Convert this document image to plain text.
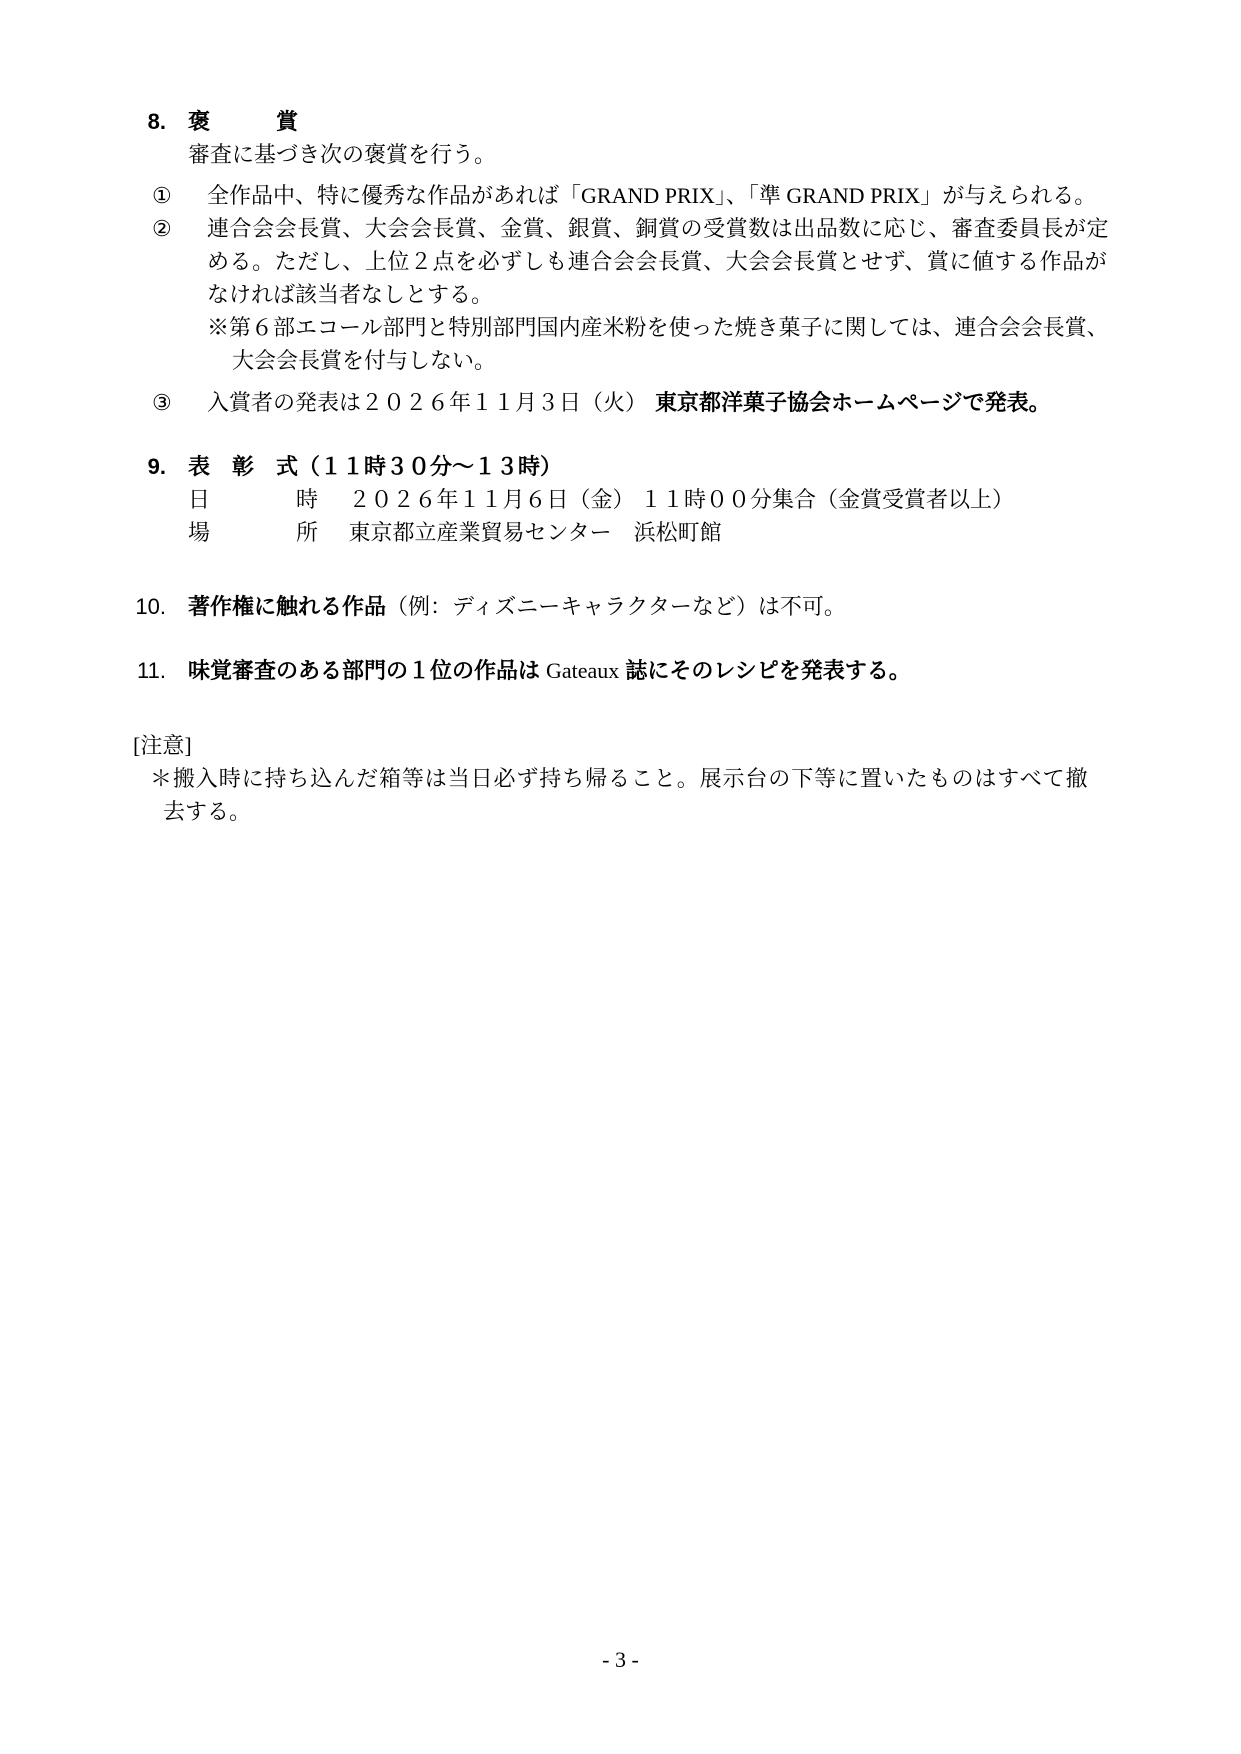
8. 褒　　　賞
審査に基づき次の褒賞を行う。
①	全作品中、特に優秀な作品があれば「GRAND PRIX」、「準 GRAND PRIX」が与えられる。
②	連合会会長賞、大会会長賞、金賞、銀賞、銅賞の受賞数は出品数に応じ、審査委員長が定
める。ただし、上位２点を必ずしも連合会会長賞、大会会長賞とせず、賞に値する作品が
なければ該当者なしとする。
※第６部エコール部門と特別部門国内産米粉を使った焼き菓子に関しては、連合会会長賞、
大会会長賞を付与しない。
③	入賞者の発表は２０２６年１１月３日（火） 東京都洋菓子協会ホームページで発表。
9. 表　彰　式（１１時３０分～１３時）
日	時 ２０２６年１１月６日（金） １１時００分集合（金賞受賞者以上）
場	所 東京都立産業貿易センター　浜松町館
10. 著作権に触れる作品（例：ディズニーキャラクターなど）は不可。
11. 味覚審査のある部門の１位の作品は Gateaux 誌にそのレシピを発表する。
[注意]
＊搬入時に持ち込んだ箱等は当日必ず持ち帰ること。展示台の下等に置いたものはすべて撤
去する。
- 3 -
